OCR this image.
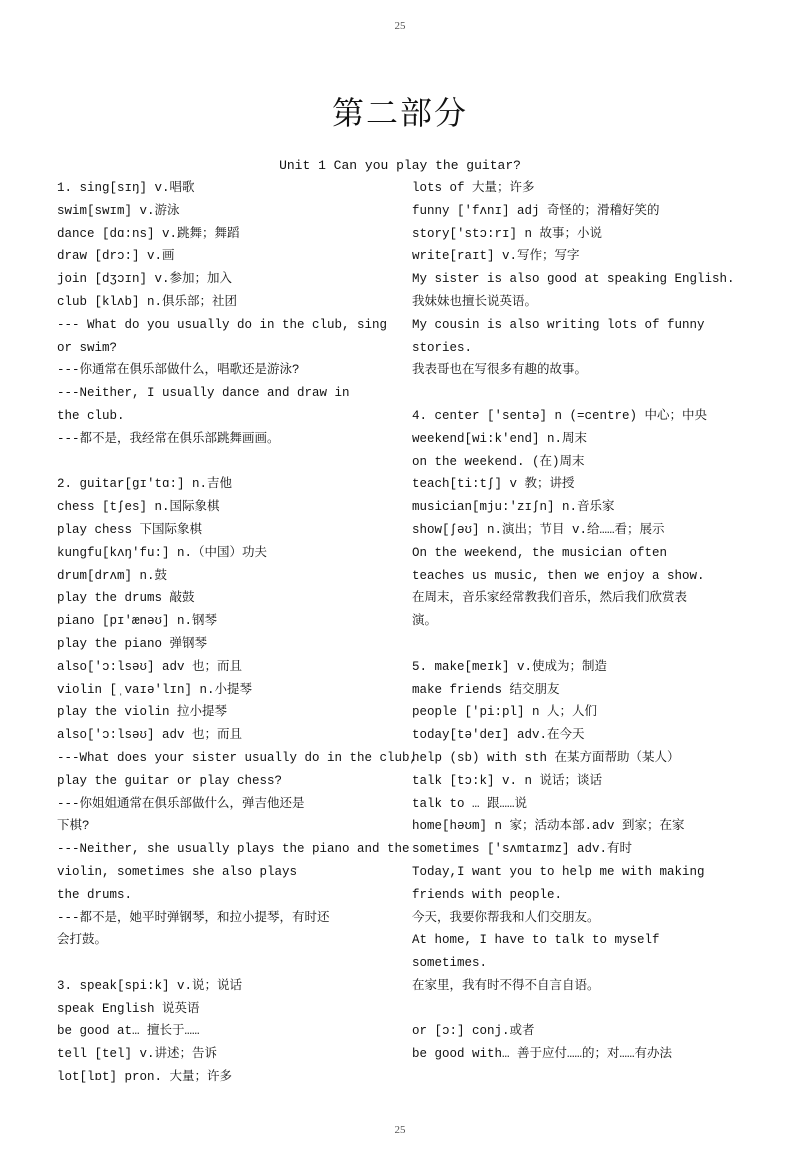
25
第二部分
Unit 1 Can you play the guitar?
1. sing[sɪŋ] v.唱歌
swim[swɪm] v.游泳
dance [dɑ:ns] v.跳舞；舞蹈
draw [drɔ:] v.画
join [dʒɔɪn] v.参加；加入
club [klʌb] n.俱乐部；社团
--- What do you usually do in the club, sing
or swim?
---你通常在俱乐部做什么，唱歌还是游泳?
---Neither, I usually dance and draw in
the club.
---都不是，我经常在俱乐部跳舞画画。
2. guitar[gɪ'tɑ:] n.吉他
chess [tʃes] n.国际象棋
play chess 下国际象棋
kungfu[kʌŋ'fu:] n.（中国）功夫
drum[drʌm] n.鼓
play the drums 敲鼓
piano [pɪ'ænəʊ] n.钢琴
play the piano 弹钢琴
also['ɔ:lsəʊ] adv 也；而且
violin [ˌvaɪə'lɪn] n.小提琴
play the violin 拉小提琴
also['ɔ:lsəʊ] adv 也；而且
---What does your sister usually do in the club,
play the guitar or play chess?
---你姐姐通常在俱乐部做什么，弹吉他还是
下棋?
---Neither, she usually plays the piano and the
violin, sometimes she also plays
the drums.
---都不是，她平时弹钢琴，和拉小提琴，有时还
会打鼓。
3. speak[spi:k] v.说；说话
speak English 说英语
be good at… 擅长于……
tell [tel] v.讲述；告诉
lot[lɒt] pron. 大量；许多
lots of 大量；许多
funny ['fʌnɪ] adj 奇怪的；滑稽好笑的
story['stɔ:rɪ] n 故事；小说
write[raɪt] v.写作；写字
My sister is also good at speaking English.
我妹妹也擅长说英语。
My cousin is also writing lots of funny
stories.
我表哥也在写很多有趣的故事。
4. center ['sentə] n (=centre) 中心；中央
weekend[wi:k'end] n.周末
on the weekend. (在)周末
teach[ti:tʃ] v 教；讲授
musician[mju:'zɪʃn] n.音乐家
show[ʃəʊ] n.演出；节目 v.给……看；展示
On the weekend, the musician often
teaches us music, then we enjoy a show.
在周末，音乐家经常教我们音乐，然后我们欣赏表
演。
5. make[meɪk] v.使成为；制造
make friends 结交朋友
people ['pi:pl] n 人；人们
today[tə'deɪ] adv.在今天
help (sb) with sth 在某方面帮助（某人）
talk [tɔ:k] v. n 说话；谈话
talk to … 跟……说
home[həʊm] n 家；活动本部.adv 到家；在家
sometimes ['sʌmtaɪmz] adv.有时
Today,I want you to help me with making
friends with people.
今天，我要你帮我和人们交朋友。
At home, I have to talk to myself
sometimes.
在家里，我有时不得不自言自语。
or [ɔ:] conj.或者
be good with… 善于应付……的；对……有办法
25
